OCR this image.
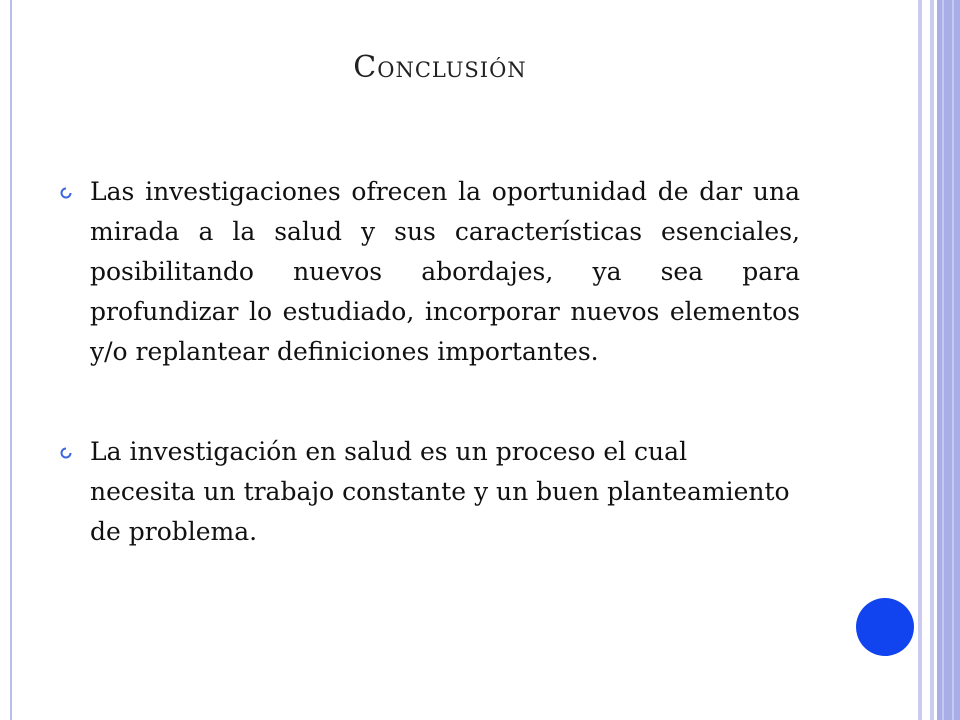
Conclusión
Las investigaciones ofrecen la oportunidad de dar una mirada a la salud y sus características esenciales, posibilitando nuevos abordajes, ya sea para profundizar lo estudiado, incorporar nuevos elementos y/o replantear definiciones importantes.
La investigación en salud es un proceso el cual necesita un trabajo constante y un buen planteamiento de problema.
